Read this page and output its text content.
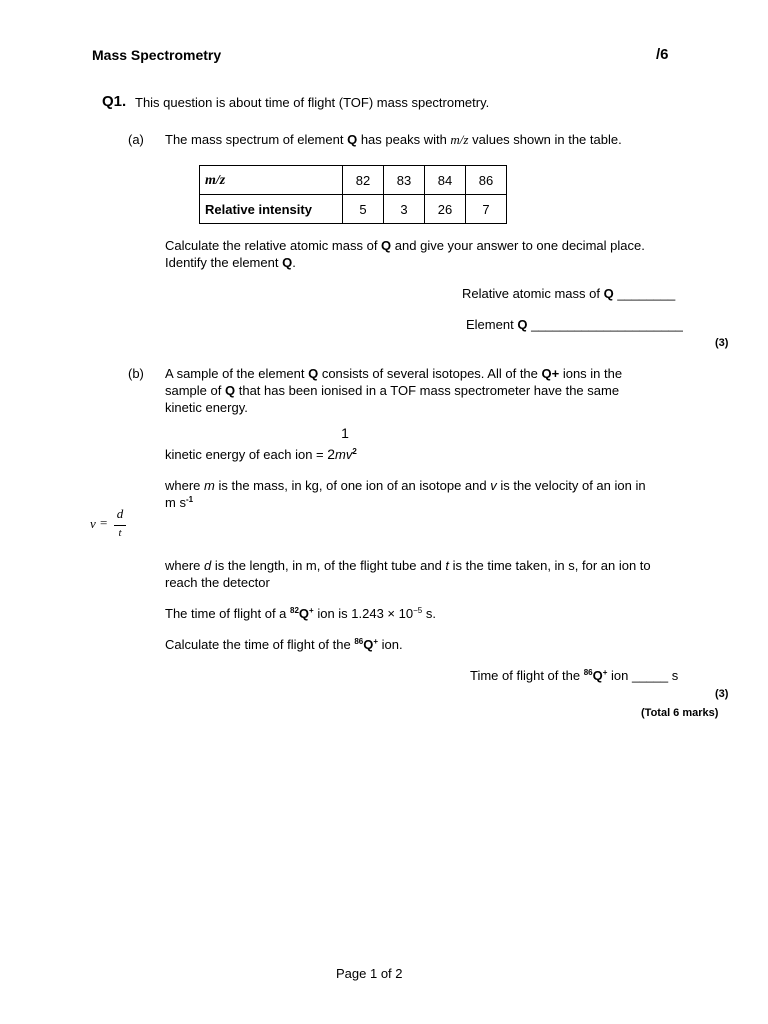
Mass Spectrometry	/6
Q1. This question is about time of flight (TOF) mass spectrometry.
(a) The mass spectrum of element Q has peaks with m/z values shown in the table.
m/z	82	83	84	86
Relative intensity	5	3	26	7
Calculate the relative atomic mass of Q and give your answer to one decimal place.
Identify the element Q.
Relative atomic mass of Q ________
Element Q _____________________
(3)
(b) A sample of the element Q consists of several isotopes. All of the Q+ ions in the
sample of Q that has been ionised in a TOF mass spectrometer have the same
kinetic energy.
1
kinetic energy of each ion = $2mv^2$
where m is the mass, in kg, of one ion of an isotope and v is the velocity of an ion in
m $s^{-1}$
v =
d
t
where d is the length, in m, of the flight tube and t is the time taken, in s, for an ion to
reach the detector
The time of flight of a $^{82}$Q+ ion is $1.243 \times 10^{-5}$ s.
Calculate the time of flight of the $^{86}$Q+ ion.
Time of flight of the $^{86}$Q+ ion _____ s
(3)
(Total 6 marks)
Page 1 of 2
